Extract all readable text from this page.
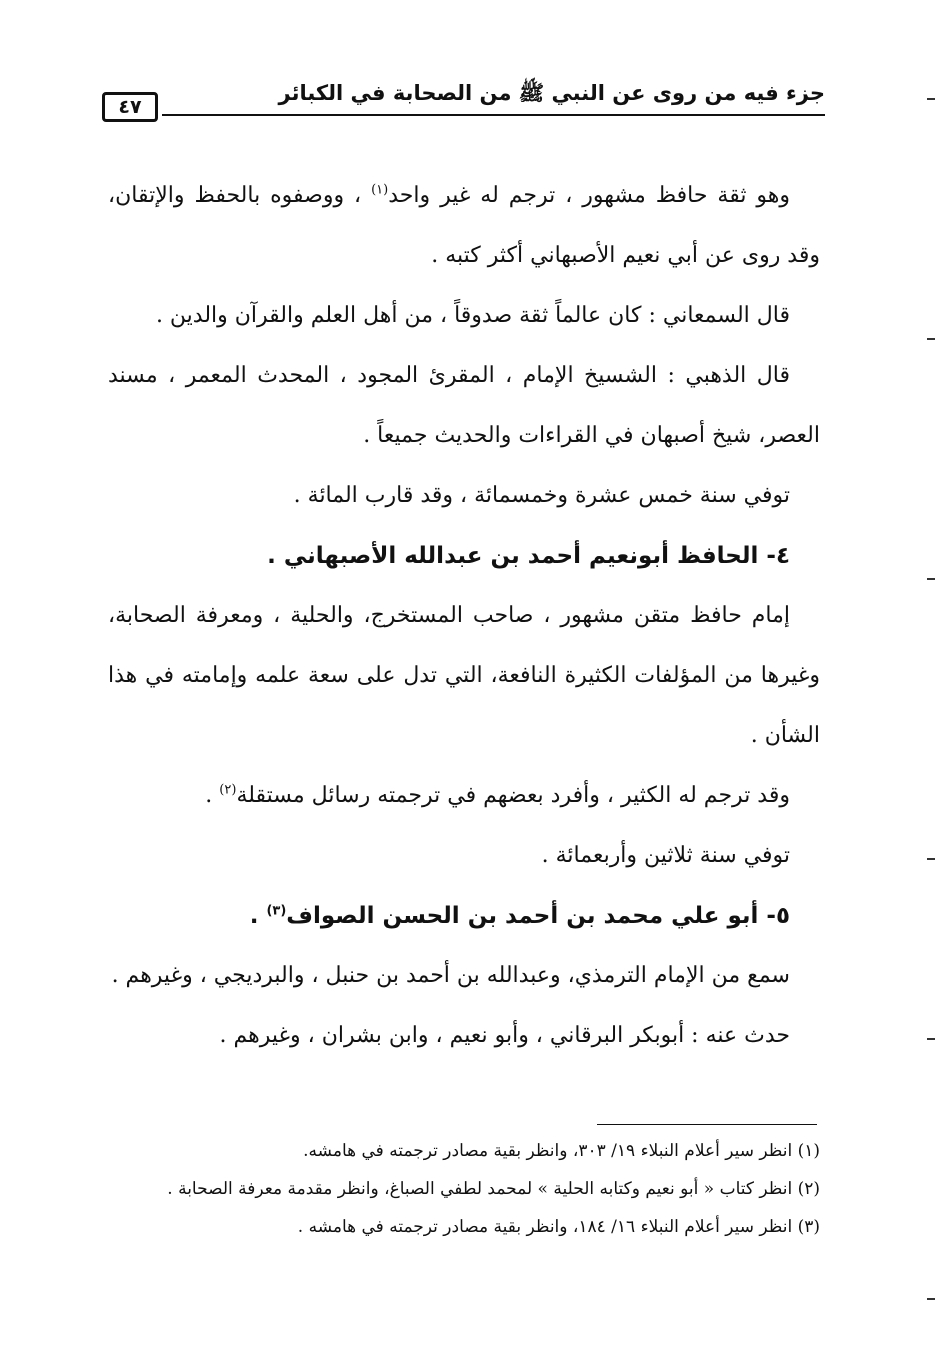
جزء فيه من روى عن النبي ﷺ من الصحابة في الكبائر
٤٧

وهو ثقة حافظ مشهور ، ترجم له غير واحد$^{(١)}$ ، ووصفوه بالحفظ والإتقان، وقد روى عن أبي نعيم الأصبهاني أكثر كتبه .

قال السمعاني : كان عالماً ثقة صدوقاً ، من أهل العلم والقرآن والدين .

قال الذهبي : الشسيخ الإمام ، المقرئ المجود ، المحدث المعمر ، مسند العصر، شيخ أصبهان في القراءات والحديث جميعاً .

توفي سنة خمس عشرة وخمسمائة ، وقد قارب المائة .

٤- الحافظ أبونعيم أحمد بن عبدالله الأصبهاني .

إمام حافظ متقن مشهور ، صاحب المستخرج، والحلية ، ومعرفة الصحابة، وغيرها من المؤلفات الكثيرة النافعة، التي تدل على سعة علمه وإمامته في هذا الشأن .

وقد ترجم له الكثير ، وأفرد بعضهم في ترجمته رسائل مستقلة$^{(٢)}$ .

توفي سنة ثلاثين وأربعمائة .

٥- أبو علي محمد بن أحمد بن الحسن الصواف$^{(٣)}$ .

سمع من الإمام الترمذي، وعبدالله بن أحمد بن حنبل ، والبرديجي ، وغيرهم .

حدث عنه : أبوبكر البرقاني ، وأبو نعيم ، وابن بشران ، وغيرهم .

(١) انظر سير أعلام النبلاء ١٩/ ٣٠٣، وانظر بقية مصادر ترجمته في هامشه.

(٢) انظر كتاب « أبو نعيم وكتابه الحلية » لمحمد لطفي الصباغ، وانظر مقدمة معرفة الصحابة .

(٣) انظر سير أعلام النبلاء ١٦/ ١٨٤، وانظر بقية مصادر ترجمته في هامشه .
